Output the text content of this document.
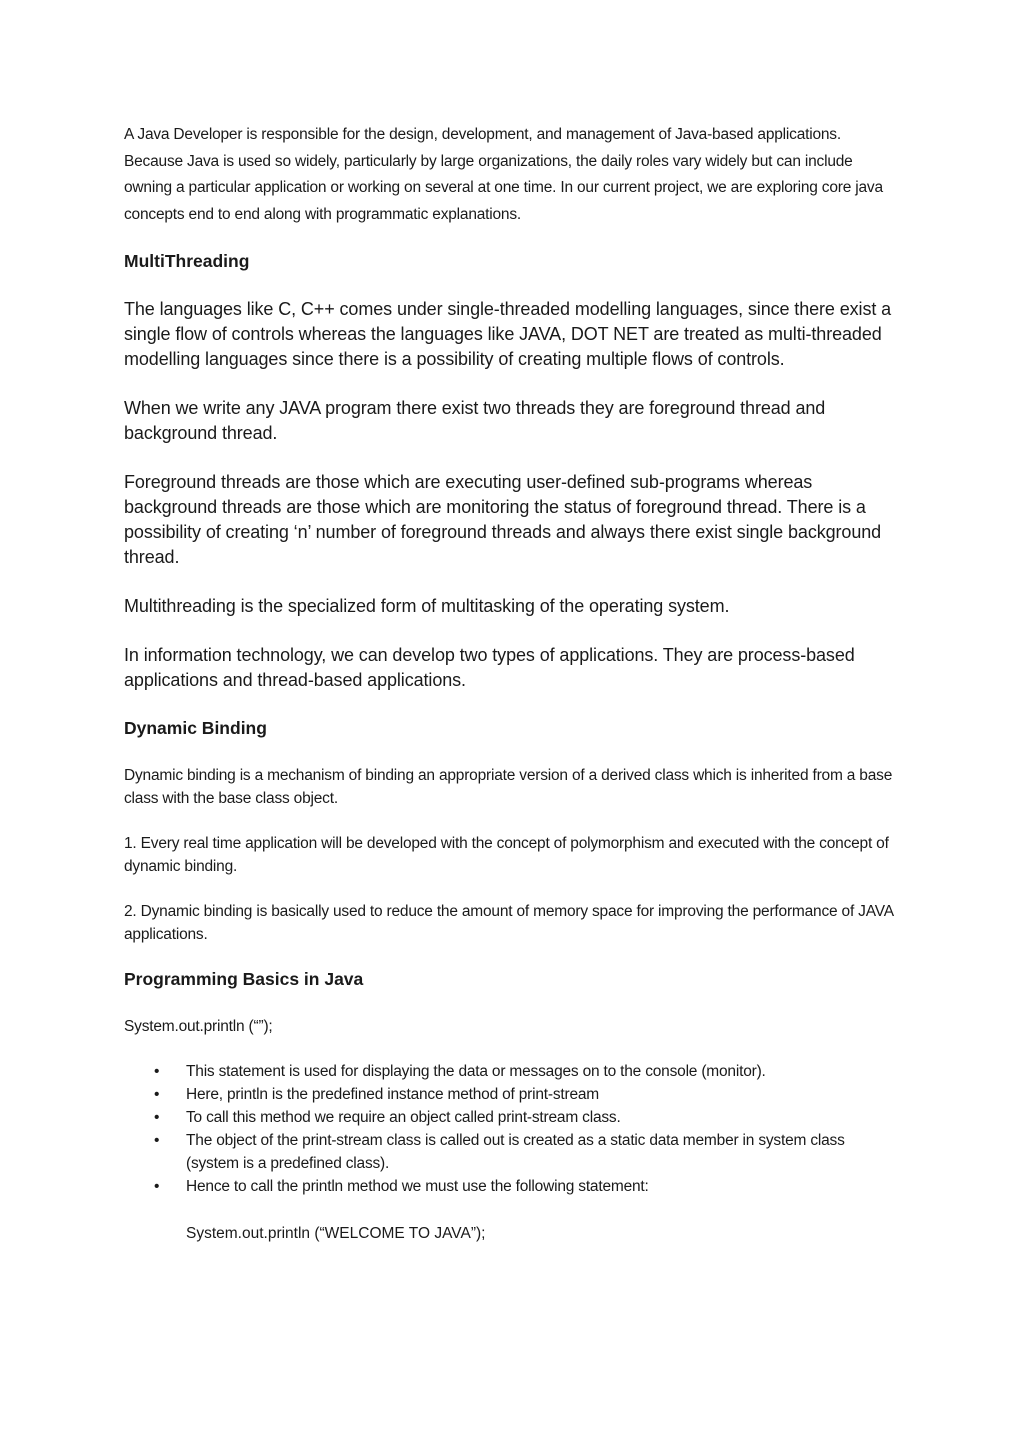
A Java Developer is responsible for the design, development, and management of Java-based applications. Because Java is used so widely, particularly by large organizations, the daily roles vary widely but can include owning a particular application or working on several at one time. In our current project, we are exploring core java concepts end to end along with programmatic explanations.

MultiThreading

The languages like C, C++ comes under single-threaded modelling languages, since there exist a single flow of controls whereas the languages like JAVA, DOT NET are treated as multi-threaded modelling languages since there is a possibility of creating multiple flows of controls.

When we write any JAVA program there exist two threads they are foreground thread and background thread.

Foreground threads are those which are executing user-defined sub-programs whereas background threads are those which are monitoring the status of foreground thread. There is a possibility of creating ‘n’ number of foreground threads and always there exist single background thread.

Multithreading is the specialized form of multitasking of the operating system.

In information technology, we can develop two types of applications. They are process-based applications and thread-based applications.

Dynamic Binding

Dynamic binding is a mechanism of binding an appropriate version of a derived class which is inherited from a base class with the base class object.

1. Every real time application will be developed with the concept of polymorphism and executed with the concept of dynamic binding.

2. Dynamic binding is basically used to reduce the amount of memory space for improving the performance of JAVA applications.

Programming Basics in Java

System.out.println (“”);

• This statement is used for displaying the data or messages on to the console (monitor).
• Here, println is the predefined instance method of print-stream
• To call this method we require an object called print-stream class.
• The object of the print-stream class is called out is created as a static data member in system class (system is a predefined class).
• Hence to call the println method we must use the following statement:

System.out.println (“WELCOME TO JAVA”);
